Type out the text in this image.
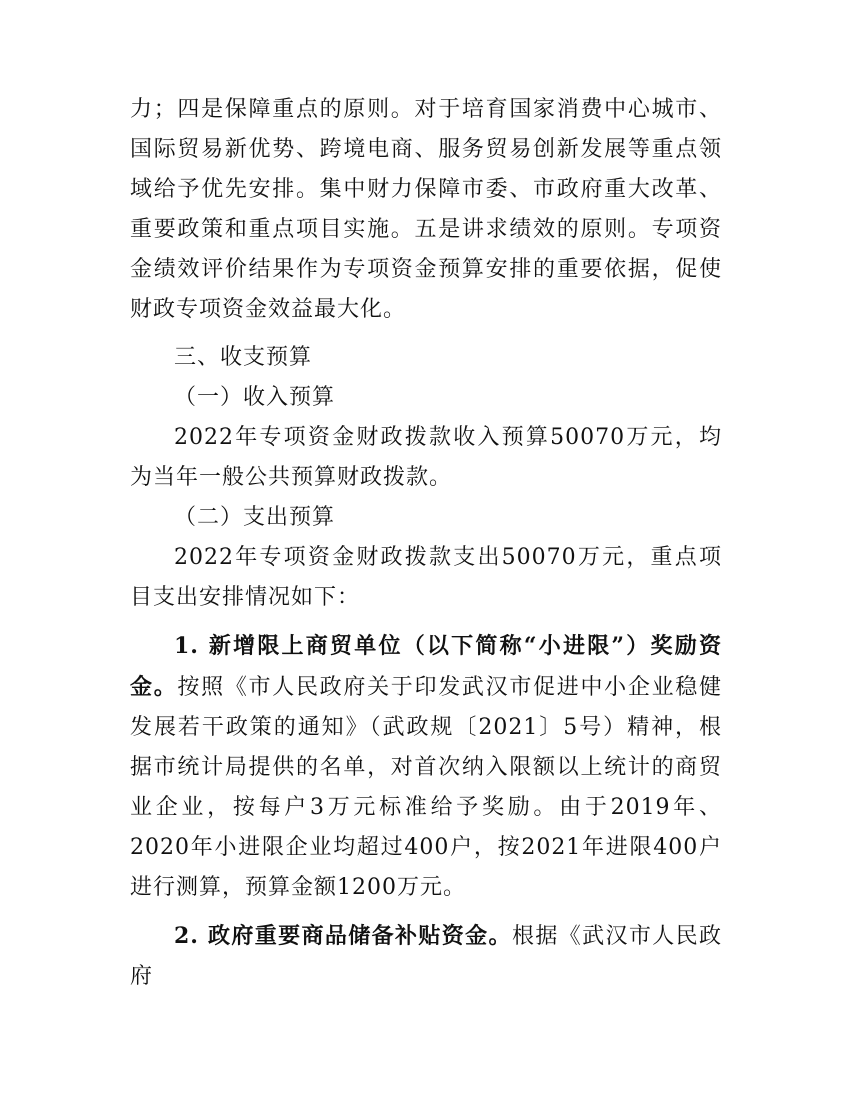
力；四是保障重点的原则。对于培育国家消费中心城市、国际贸易新优势、跨境电商、服务贸易创新发展等重点领域给予优先安排。集中财力保障市委、市政府重大改革、重要政策和重点项目实施。五是讲求绩效的原则。专项资金绩效评价结果作为专项资金预算安排的重要依据，促使财政专项资金效益最大化。

三、收支预算

（一）收入预算

2022年专项资金财政拨款收入预算50070万元，均为当年一般公共预算财政拨款。

（二）支出预算

2022年专项资金财政拨款支出50070万元，重点项目支出安排情况如下：

1. 新增限上商贸单位（以下简称“小进限”）奖励资金。按照《市人民政府关于印发武汉市促进中小企业稳健发展若干政策的通知》（武政规〔2021〕5号）精神，根据市统计局提供的名单，对首次纳入限额以上统计的商贸业企业，按每户3万元标准给予奖励。由于2019年、2020年小进限企业均超过400户，按2021年进限400户进行测算，预算金额1200万元。

2. 政府重要商品储备补贴资金。根据《武汉市人民政府
